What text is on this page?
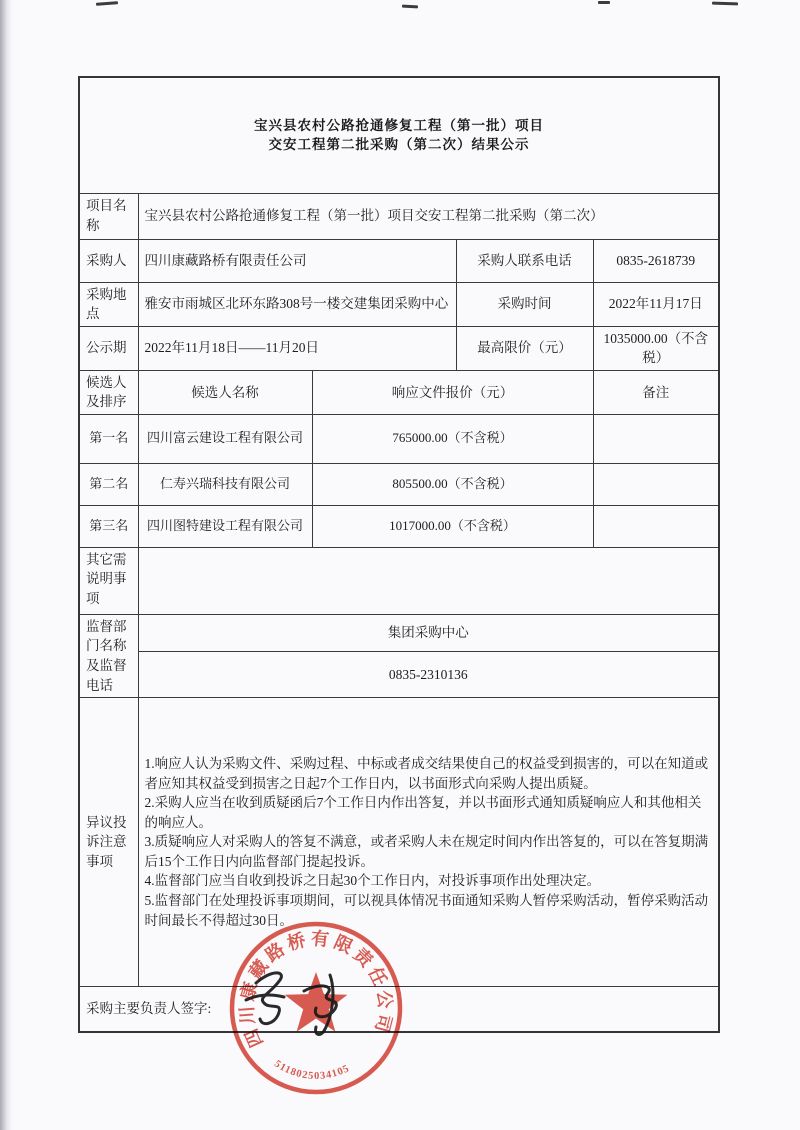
宝兴县农村公路抢通修复工程（第一批）项目
交安工程第二批采购（第二次）结果公示				

项目名称	宝兴县农村公路抢通修复工程（第一批）项目交安工程第二批采购（第二次）			
采购人	四川康藏路桥有限责任公司		采购人联系电话	0835-2618739
采购地点	雅安市雨城区北环东路308号一楼交建集团采购中心		采购时间	2022年11月17日
公示期	2022年11月18日——11月20日		最高限价（元）	1035000.00（不含税）
候选人及排序	候选人名称	响应文件报价（元）		备注
第一名	四川富云建设工程有限公司	765000.00（不含税）		
第二名	仁寿兴瑞科技有限公司	805500.00（不含税）		
第三名	四川图特建设工程有限公司	1017000.00（不含税）		
其它需说明事项				
监督部门名称及监督电话	集团采购中心			
	0835-2310136			
异议投诉注意事项	1.响应人认为采购文件、采购过程、中标或者成交结果使自己的权益受到损害的，可以在知道或者应知其权益受到损害之日起7个工作日内，以书面形式向采购人提出质疑。

2.采购人应当在收到质疑函后7个工作日内作出答复，并以书面形式通知质疑响应人和其他相关的响应人。

3.质疑响应人对采购人的答复不满意，或者采购人未在规定时间内作出答复的，可以在答复期满后15个工作日内向监督部门提起投诉。

4.监督部门应当自收到投诉之日起30个工作日内，对投诉事项作出处理决定。

5.监督部门在处理投诉事项期间，可以视具体情况书面通知采购人暂停采购活动，暂停采购活动时间最长不得超过30日。			

采购主要负责人签字:				
四川康藏路桥有限责任公司
5118025034105
